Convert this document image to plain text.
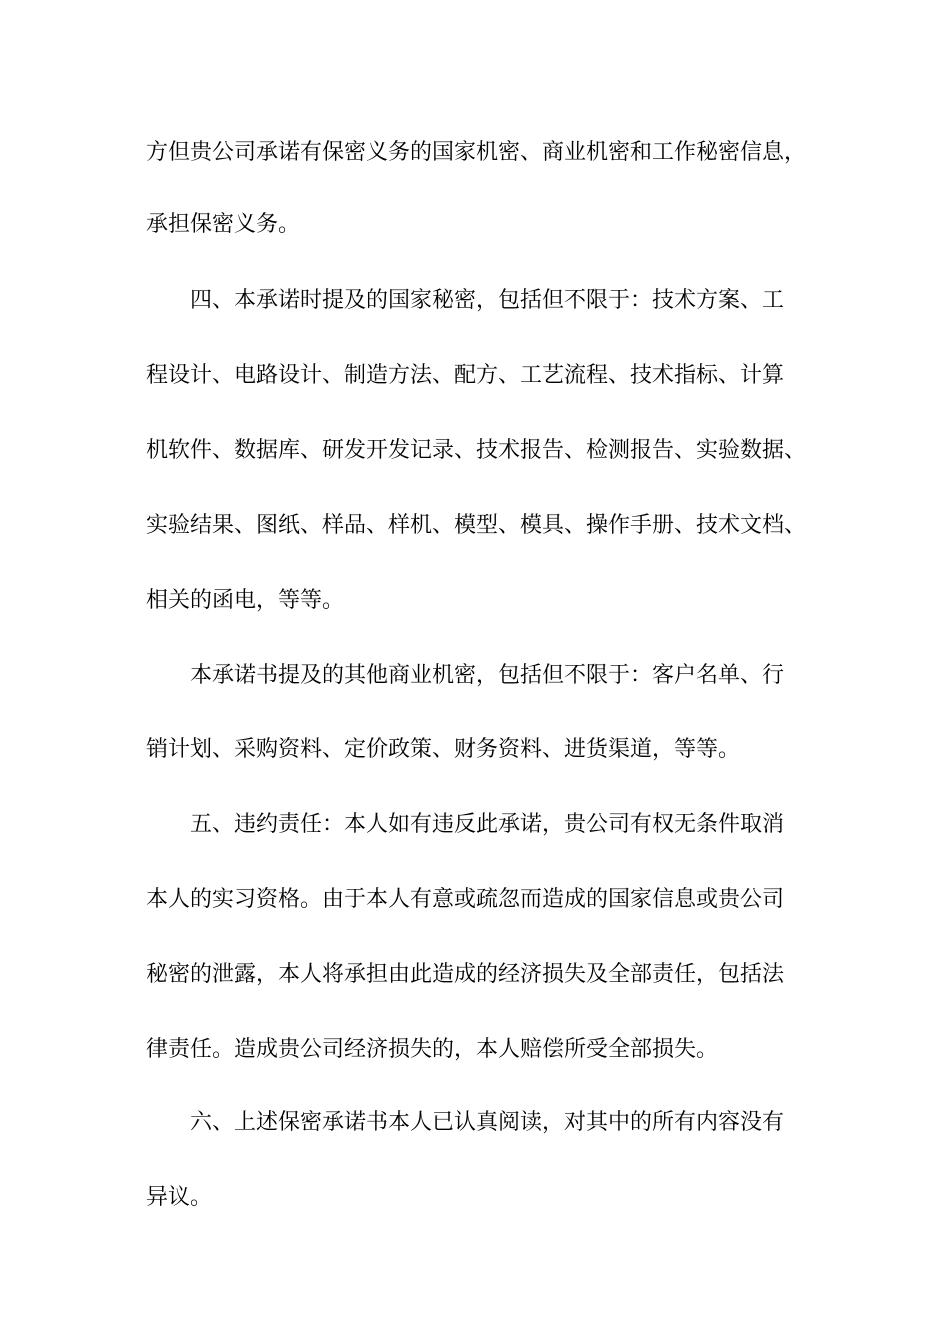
方但贵公司承诺有保密义务的国家机密、商业机密和工作秘密信息，
承担保密义务。
四、本承诺时提及的国家秘密，包括但不限于：技术方案、工
程设计、电路设计、制造方法、配方、工艺流程、技术指标、计算
机软件、数据库、研发开发记录、技术报告、检测报告、实验数据、
实验结果、图纸、样品、样机、模型、模具、操作手册、技术文档、
相关的函电，等等。
本承诺书提及的其他商业机密，包括但不限于：客户名单、行
销计划、采购资料、定价政策、财务资料、进货渠道，等等。
五、违约责任：本人如有违反此承诺，贵公司有权无条件取消
本人的实习资格。由于本人有意或疏忽而造成的国家信息或贵公司
秘密的泄露，本人将承担由此造成的经济损失及全部责任，包括法
律责任。造成贵公司经济损失的，本人赔偿所受全部损失。
六、上述保密承诺书本人已认真阅读，对其中的所有内容没有
异议。
